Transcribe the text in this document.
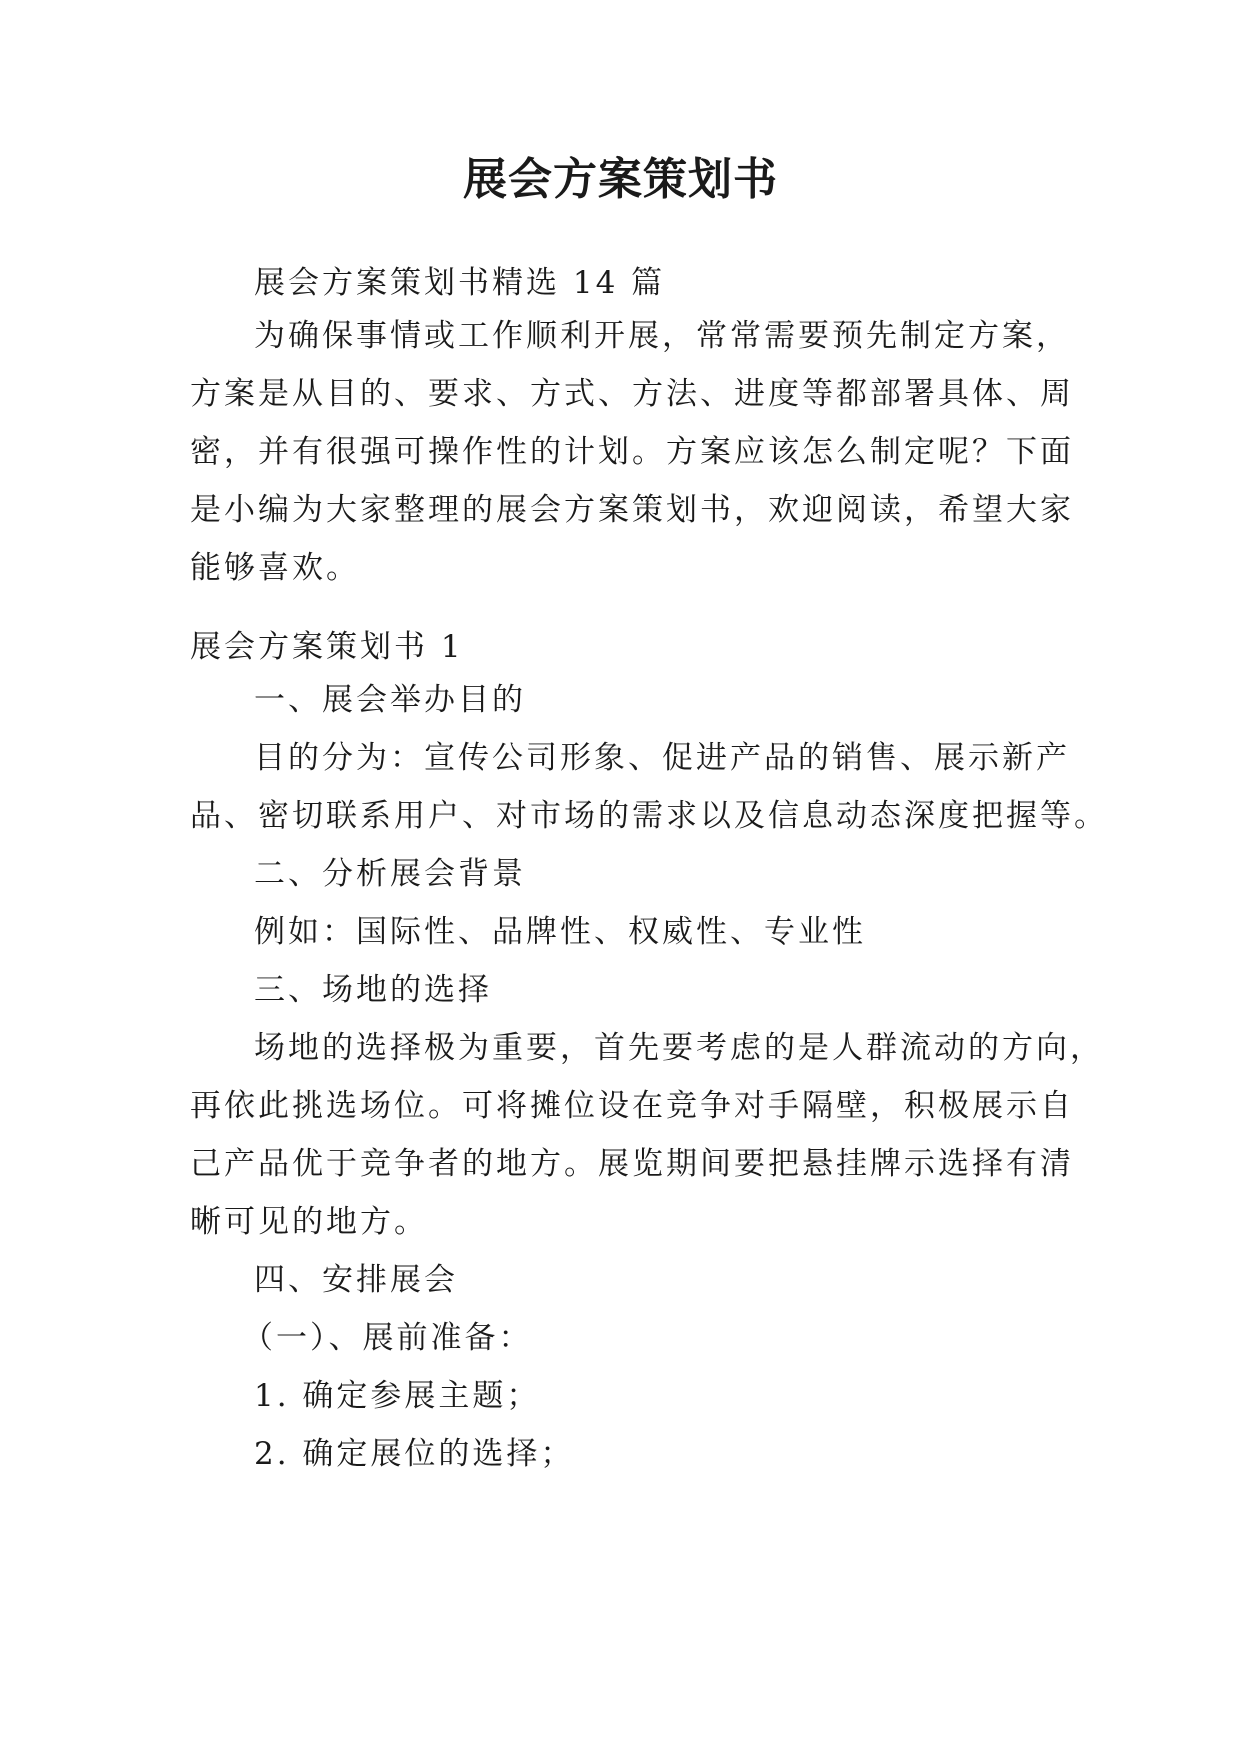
展会方案策划书
展会方案策划书精选 14 篇
为确保事情或工作顺利开展，常常需要预先制定方案，
方案是从目的、要求、方式、方法、进度等都部署具体、周
密，并有很强可操作性的计划。方案应该怎么制定呢？下面
是小编为大家整理的展会方案策划书，欢迎阅读，希望大家
能够喜欢。
展会方案策划书 1
一、展会举办目的
目的分为：宣传公司形象、促进产品的销售、展示新产
品、密切联系用户、对市场的需求以及信息动态深度把握等。
二、分析展会背景
例如：国际性、品牌性、权威性、专业性
三、场地的选择
场地的选择极为重要，首先要考虑的是人群流动的方向，
再依此挑选场位。可将摊位设在竞争对手隔壁，积极展示自
己产品优于竞争者的地方。展览期间要把悬挂牌示选择有清
晰可见的地方。
四、安排展会
（一）、展前准备：
1. 确定参展主题；
2. 确定展位的选择；
